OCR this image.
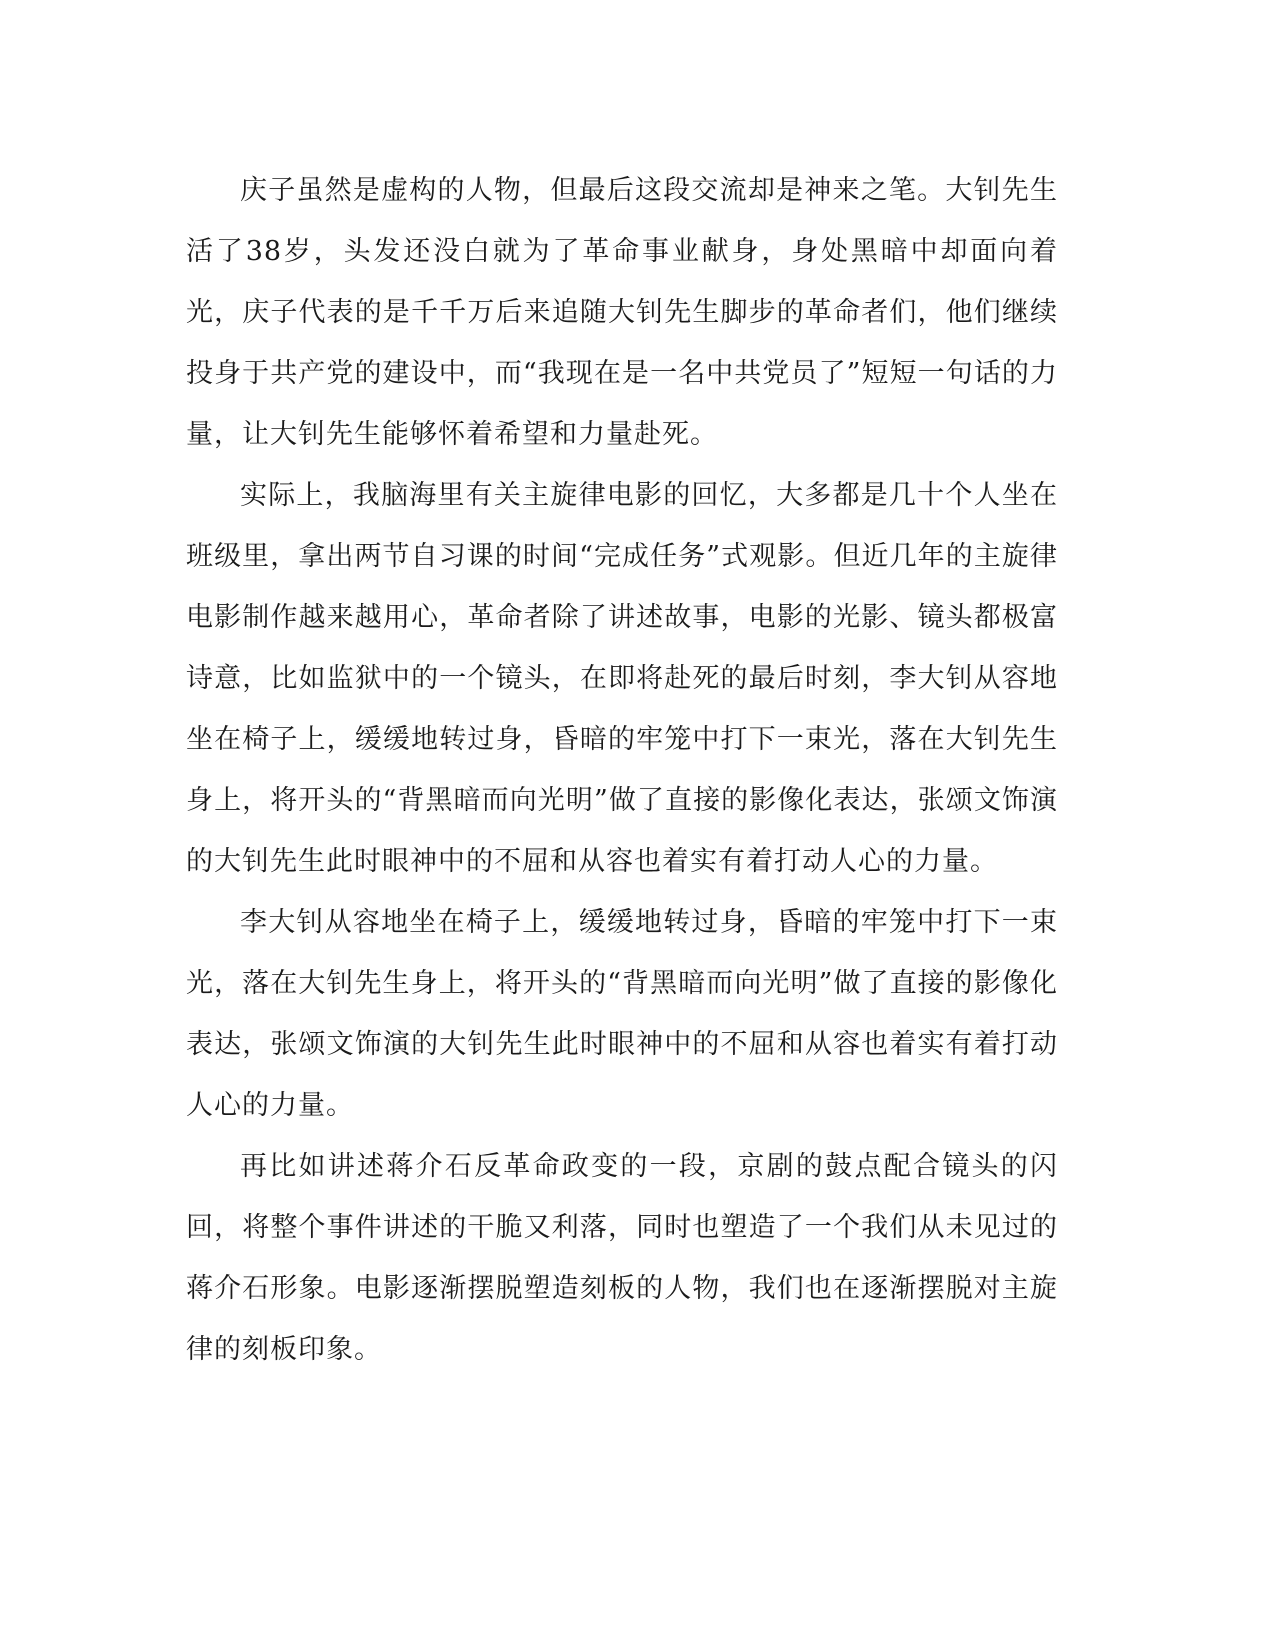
庆子虽然是虚构的人物，但最后这段交流却是神来之笔。大钊先生活了38岁，头发还没白就为了革命事业献身，身处黑暗中却面向着光，庆子代表的是千千万后来追随大钊先生脚步的革命者们，他们继续投身于共产党的建设中，而“我现在是一名中共党员了”短短一句话的力量，让大钊先生能够怀着希望和力量赴死。

实际上，我脑海里有关主旋律电影的回忆，大多都是几十个人坐在班级里，拿出两节自习课的时间“完成任务”式观影。但近几年的主旋律电影制作越来越用心，革命者除了讲述故事，电影的光影、镜头都极富诗意，比如监狱中的一个镜头，在即将赴死的最后时刻，李大钊从容地坐在椅子上，缓缓地转过身，昏暗的牢笼中打下一束光，落在大钊先生身上，将开头的“背黑暗而向光明”做了直接的影像化表达，张颂文饰演的大钊先生此时眼神中的不屈和从容也着实有着打动人心的力量。

李大钊从容地坐在椅子上，缓缓地转过身，昏暗的牢笼中打下一束光，落在大钊先生身上，将开头的“背黑暗而向光明”做了直接的影像化表达，张颂文饰演的大钊先生此时眼神中的不屈和从容也着实有着打动人心的力量。

再比如讲述蒋介石反革命政变的一段，京剧的鼓点配合镜头的闪回，将整个事件讲述的干脆又利落，同时也塑造了一个我们从未见过的蒋介石形象。电影逐渐摆脱塑造刻板的人物，我们也在逐渐摆脱对主旋律的刻板印象。
